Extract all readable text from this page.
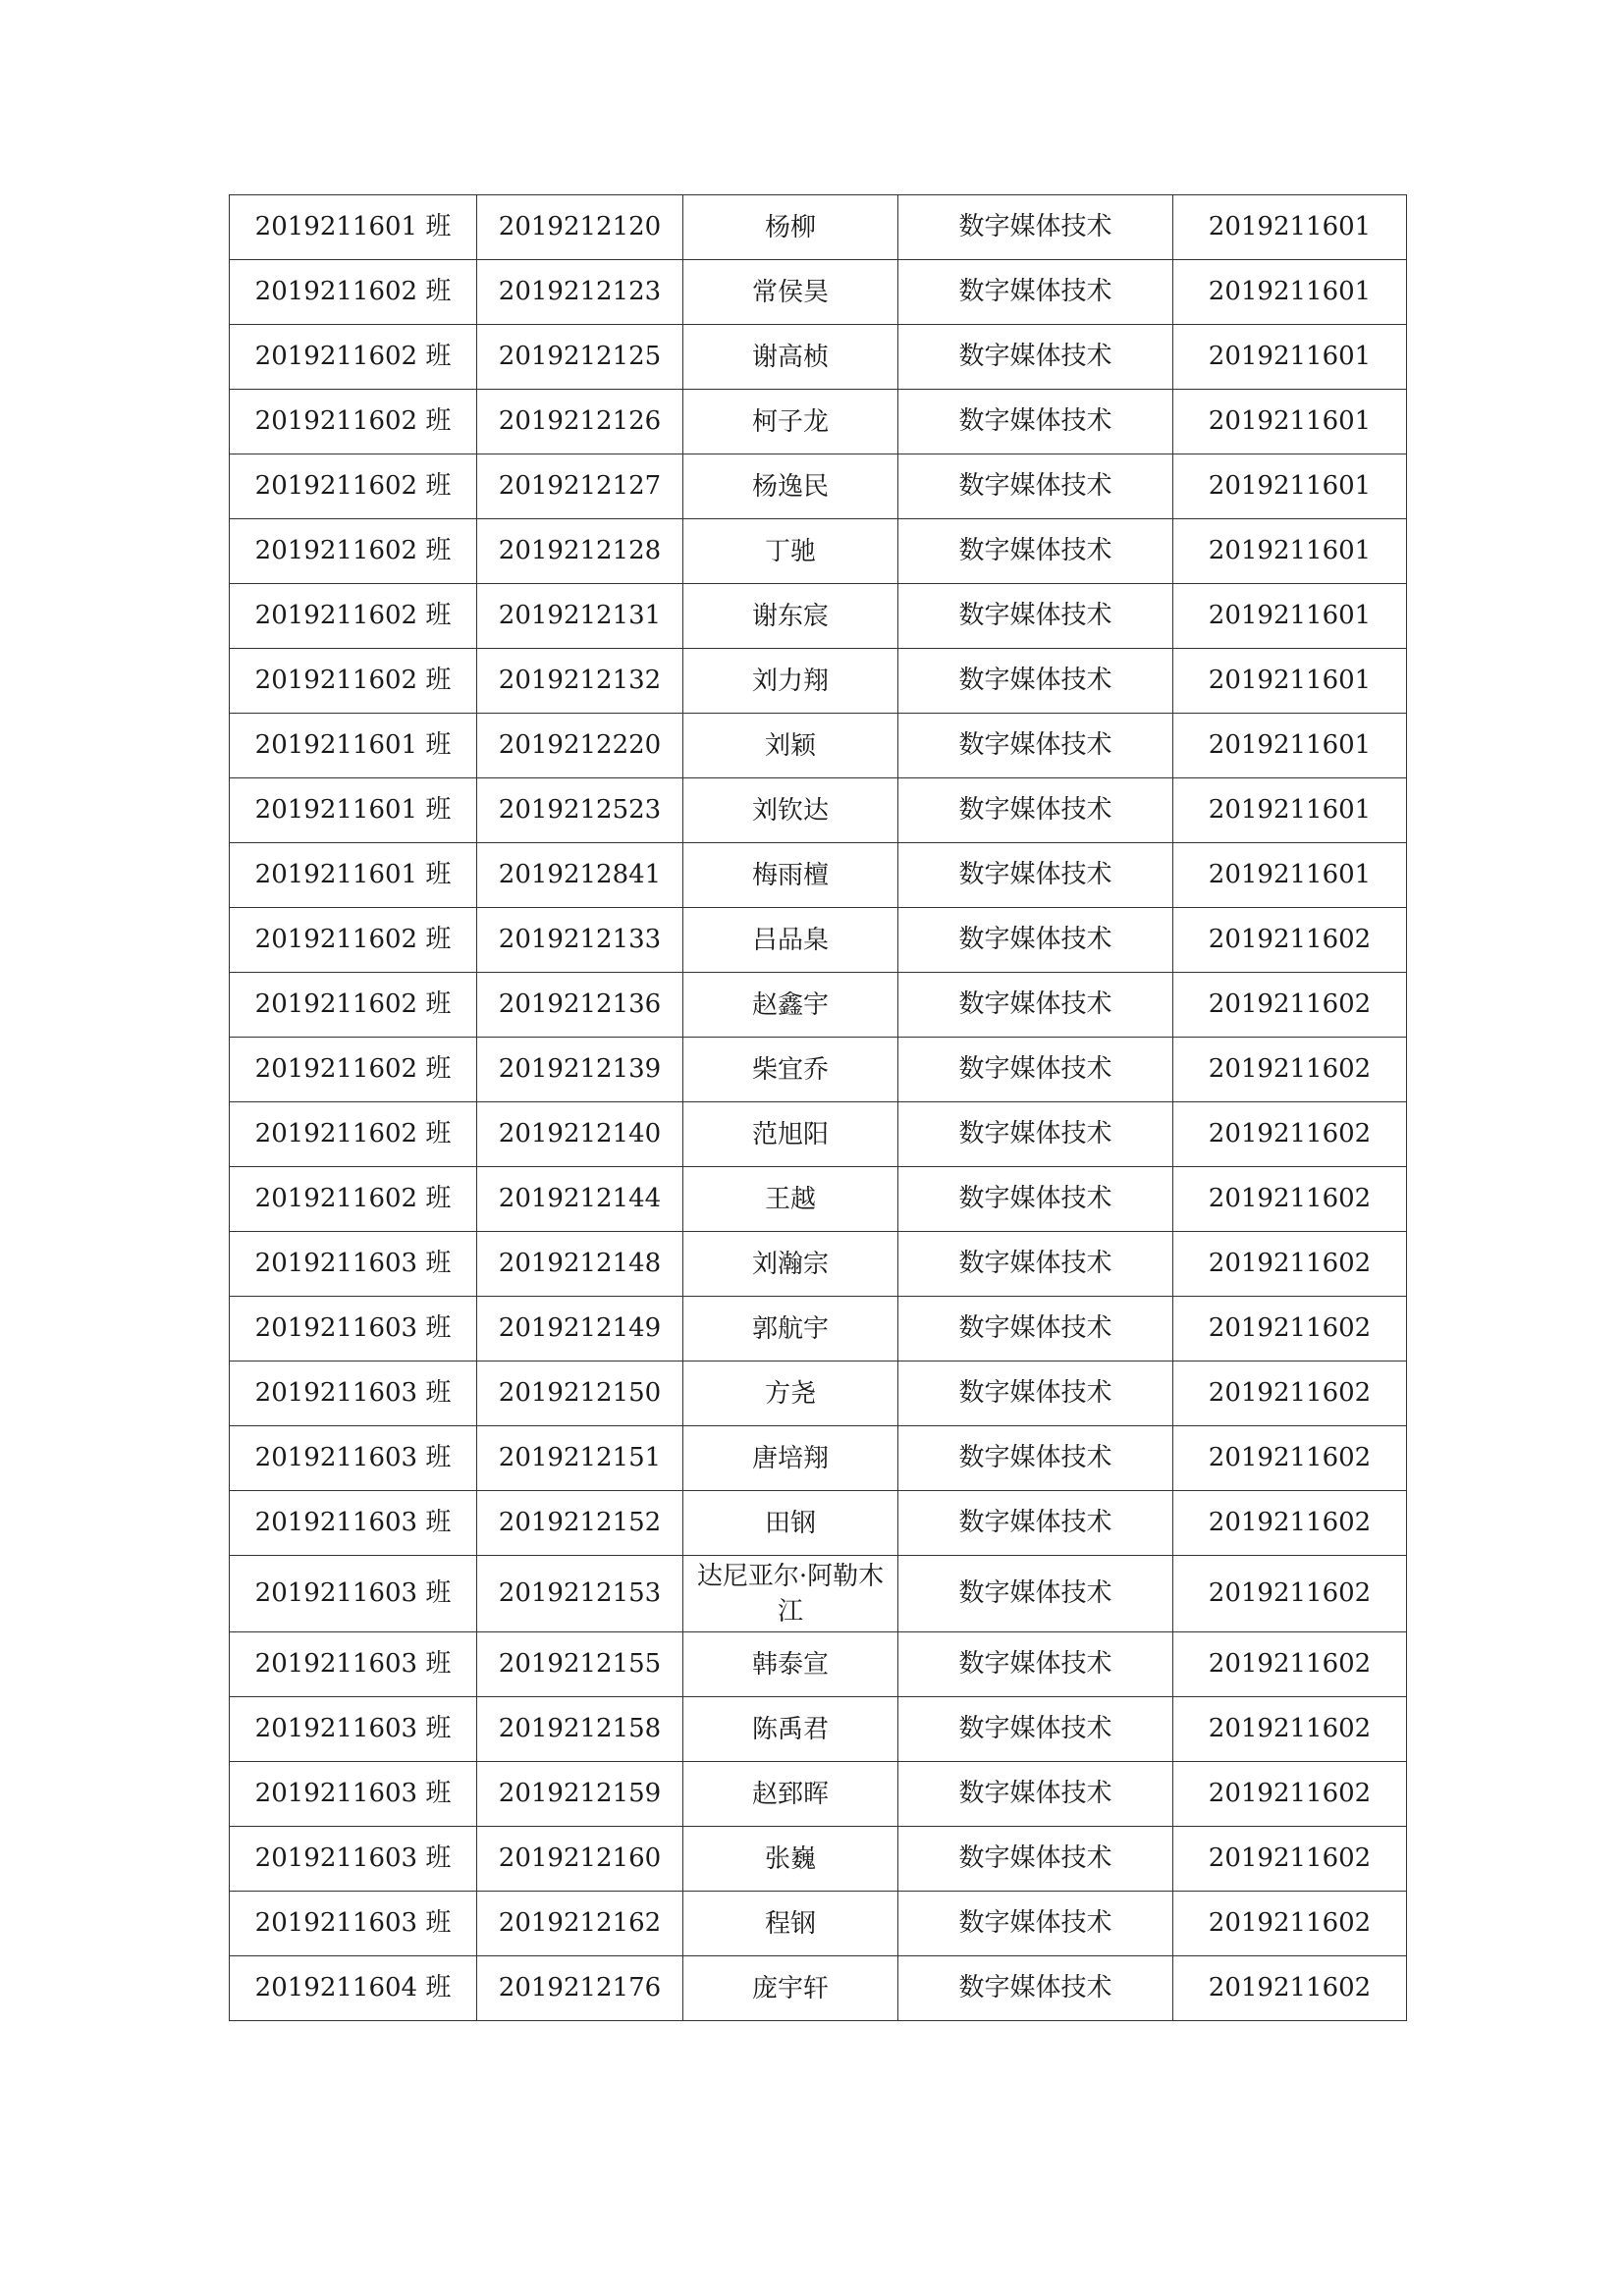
2019211601 班	2019212120	杨柳	数字媒体技术	2019211601
2019211602 班	2019212123	常侯昊	数字媒体技术	2019211601
2019211602 班	2019212125	谢高桢	数字媒体技术	2019211601
2019211602 班	2019212126	柯子龙	数字媒体技术	2019211601
2019211602 班	2019212127	杨逸民	数字媒体技术	2019211601
2019211602 班	2019212128	丁驰	数字媒体技术	2019211601
2019211602 班	2019212131	谢东宸	数字媒体技术	2019211601
2019211602 班	2019212132	刘力翔	数字媒体技术	2019211601
2019211601 班	2019212220	刘颖	数字媒体技术	2019211601
2019211601 班	2019212523	刘钦达	数字媒体技术	2019211601
2019211601 班	2019212841	梅雨檀	数字媒体技术	2019211601
2019211602 班	2019212133	吕品臬	数字媒体技术	2019211602
2019211602 班	2019212136	赵鑫宇	数字媒体技术	2019211602
2019211602 班	2019212139	柴宜乔	数字媒体技术	2019211602
2019211602 班	2019212140	范旭阳	数字媒体技术	2019211602
2019211602 班	2019212144	王越	数字媒体技术	2019211602
2019211603 班	2019212148	刘瀚宗	数字媒体技术	2019211602
2019211603 班	2019212149	郭航宇	数字媒体技术	2019211602
2019211603 班	2019212150	方尧	数字媒体技术	2019211602
2019211603 班	2019212151	唐培翔	数字媒体技术	2019211602
2019211603 班	2019212152	田钢	数字媒体技术	2019211602
2019211603 班	2019212153	达尼亚尔·阿勒木江	数字媒体技术	2019211602
2019211603 班	2019212155	韩泰宣	数字媒体技术	2019211602
2019211603 班	2019212158	陈禹君	数字媒体技术	2019211602
2019211603 班	2019212159	赵郅晖	数字媒体技术	2019211602
2019211603 班	2019212160	张巍	数字媒体技术	2019211602
2019211603 班	2019212162	程钢	数字媒体技术	2019211602
2019211604 班	2019212176	庞宇轩	数字媒体技术	2019211602
